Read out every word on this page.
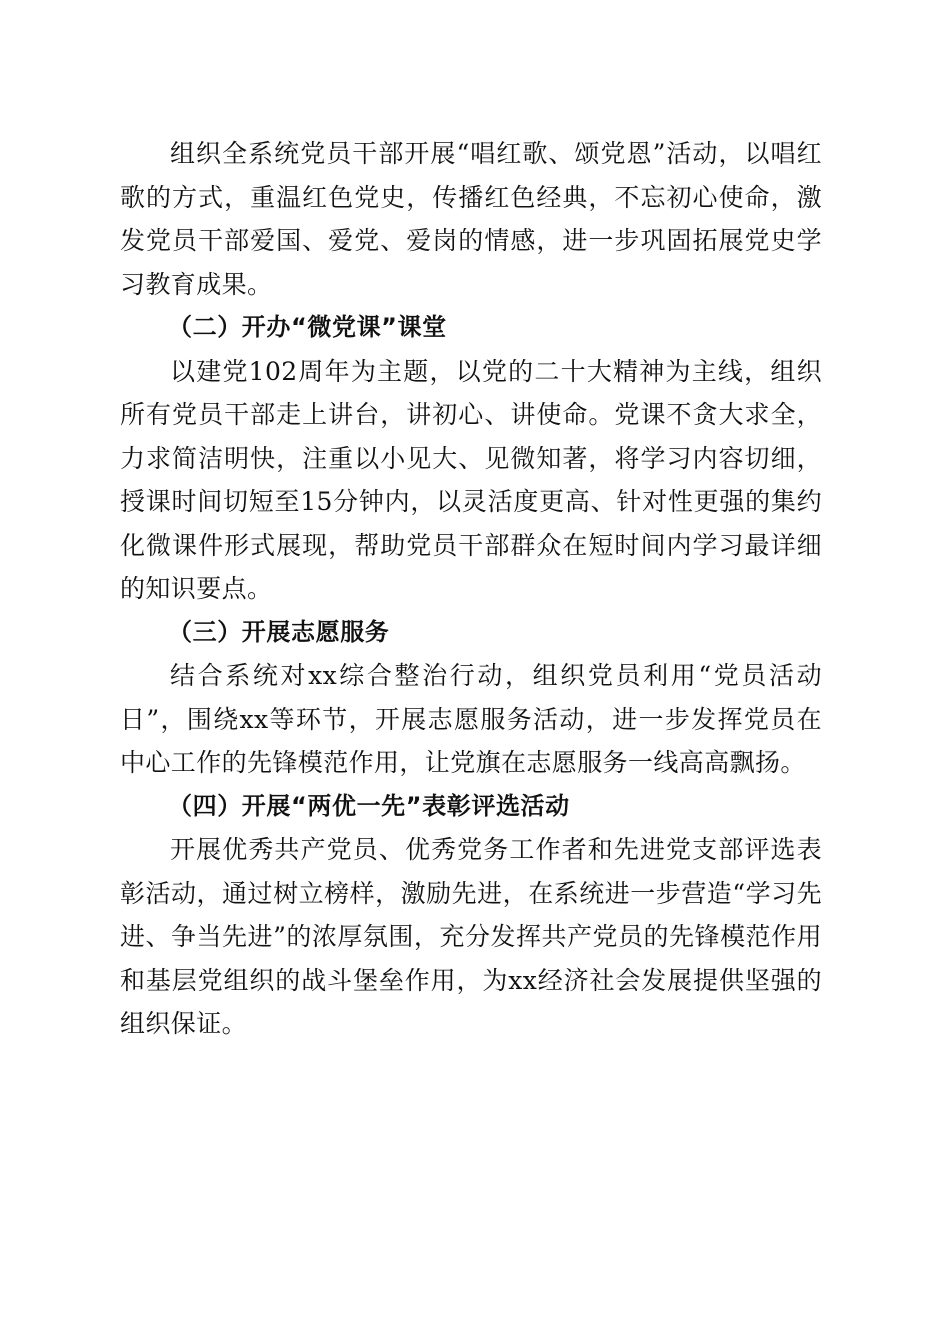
组织全系统党员干部开展“唱红歌、颂党恩”活动，以唱红歌的方式，重温红色党史，传播红色经典，不忘初心使命，激发党员干部爱国、爱党、爱岗的情感，进一步巩固拓展党史学习教育成果。

（二）开办“微党课”课堂

以建党102周年为主题，以党的二十大精神为主线，组织所有党员干部走上讲台，讲初心、讲使命。党课不贪大求全，力求简洁明快，注重以小见大、见微知著，将学习内容切细，授课时间切短至15分钟内，以灵活度更高、针对性更强的集约化微课件形式展现，帮助党员干部群众在短时间内学习最详细的知识要点。

（三）开展志愿服务

结合系统对xx综合整治行动，组织党员利用“党员活动日”，围绕xx等环节，开展志愿服务活动，进一步发挥党员在中心工作的先锋模范作用，让党旗在志愿服务一线高高飘扬。

（四）开展“两优一先”表彰评选活动

开展优秀共产党员、优秀党务工作者和先进党支部评选表彰活动，通过树立榜样，激励先进，在系统进一步营造“学习先进、争当先进”的浓厚氛围，充分发挥共产党员的先锋模范作用和基层党组织的战斗堡垒作用，为xx经济社会发展提供坚强的组织保证。
